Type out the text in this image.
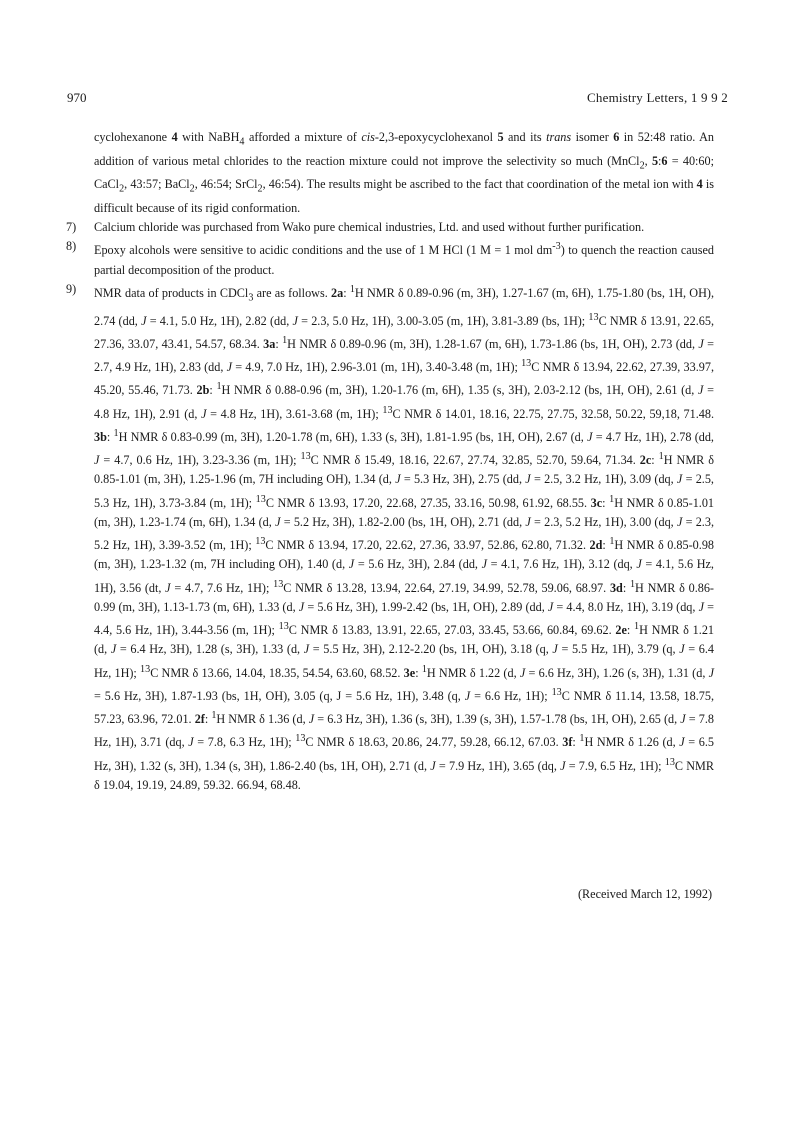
970	Chemistry Letters, 1 9 9 2

cyclohexanone 4 with NaBH$_4$ afforded a mixture of cis-2,3-epoxycyclohexanol 5 and its trans isomer 6 in 52:48 ratio. An addition of various metal chlorides to the reaction mixture could not improve the selectivity so much (MnCl$_2$, 5:6 = 40:60; CaCl$_2$, 43:57; BaCl$_2$, 46:54; SrCl$_2$, 46:54). The results might be ascribed to the fact that coordination of the metal ion with 4 is difficult because of its rigid conformation.

7) Calcium chloride was purchased from Wako pure chemical industries, Ltd. and used without further purification.
8) Epoxy alcohols were sensitive to acidic conditions and the use of 1 M HCl (1 M = 1 mol $dm^{-3}$) to quench the reaction caused partial decomposition of the product.
9) NMR data of products in CDCl$_3$ are as follows. 2a: $^1$H NMR δ 0.89-0.96 (m, 3H), 1.27-1.67 (m, 6H), 1.75-1.80 (bs, 1H, OH), 2.74 (dd, J = 4.1, 5.0 Hz, 1H), 2.82 (dd, J = 2.3, 5.0 Hz, 1H), 3.00-3.05 (m, 1H), 3.81-3.89 (bs, 1H); $^{13}$C NMR δ 13.91, 22.65, 27.36, 33.07, 43.41, 54.57, 68.34. 3a: $^1$H NMR δ 0.89-0.96 (m, 3H), 1.28-1.67 (m, 6H), 1.73-1.86 (bs, 1H, OH), 2.73 (dd, J = 2.7, 4.9 Hz, 1H), 2.83 (dd, J = 4.9, 7.0 Hz, 1H), 2.96-3.01 (m, 1H), 3.40-3.48 (m, 1H); $^{13}$C NMR δ 13.94, 22.62, 27.39, 33.97, 45.20, 55.46, 71.73. 2b: $^1$H NMR δ 0.88-0.96 (m, 3H), 1.20-1.76 (m, 6H), 1.35 (s, 3H), 2.03-2.12 (bs, 1H, OH), 2.61 (d, J = 4.8 Hz, 1H), 2.91 (d, J = 4.8 Hz, 1H), 3.61-3.68 (m, 1H); $^{13}$C NMR δ 14.01, 18.16, 22.75, 27.75, 32.58, 50.22, 59,18, 71.48. 3b: $^1$H NMR δ 0.83-0.99 (m, 3H), 1.20-1.78 (m, 6H), 1.33 (s, 3H), 1.81-1.95 (bs, 1H, OH), 2.67 (d, J = 4.7 Hz, 1H), 2.78 (dd, J = 4.7, 0.6 Hz, 1H), 3.23-3.36 (m, 1H); $^{13}$C NMR δ 15.49, 18.16, 22.67, 27.74, 32.85, 52.70, 59.64, 71.34. 2c: $^1$H NMR δ 0.85-1.01 (m, 3H), 1.25-1.96 (m, 7H including OH), 1.34 (d, J = 5.3 Hz, 3H), 2.75 (dd, J = 2.5, 3.2 Hz, 1H), 3.09 (dq, J = 2.5, 5.3 Hz, 1H), 3.73-3.84 (m, 1H); $^{13}$C NMR δ 13.93, 17.20, 22.68, 27.35, 33.16, 50.98, 61.92, 68.55. 3c: $^1$H NMR δ 0.85-1.01 (m, 3H), 1.23-1.74 (m, 6H), 1.34 (d, J = 5.2 Hz, 3H), 1.82-2.00 (bs, 1H, OH), 2.71 (dd, J = 2.3, 5.2 Hz, 1H), 3.00 (dq, J = 2.3, 5.2 Hz, 1H), 3.39-3.52 (m, 1H); $^{13}$C NMR δ 13.94, 17.20, 22.62, 27.36, 33.97, 52.86, 62.80, 71.32. 2d: $^1$H NMR δ 0.85-0.98 (m, 3H), 1.23-1.32 (m, 7H including OH), 1.40 (d, J = 5.6 Hz, 3H), 2.84 (dd, J = 4.1, 7.6 Hz, 1H), 3.12 (dq, J = 4.1, 5.6 Hz, 1H), 3.56 (dt, J = 4.7, 7.6 Hz, 1H); $^{13}$C NMR δ 13.28, 13.94, 22.64, 27.19, 34.99, 52.78, 59.06, 68.97. 3d: $^1$H NMR δ 0.86-0.99 (m, 3H), 1.13-1.73 (m, 6H), 1.33 (d, J = 5.6 Hz, 3H), 1.99-2.42 (bs, 1H, OH), 2.89 (dd, J = 4.4, 8.0 Hz, 1H), 3.19 (dq, J = 4.4, 5.6 Hz, 1H), 3.44-3.56 (m, 1H); $^{13}$C NMR δ 13.83, 13.91, 22.65, 27.03, 33.45, 53.66, 60.84, 69.62. 2e: $^1$H NMR δ 1.21 (d, J = 6.4 Hz, 3H), 1.28 (s, 3H), 1.33 (d, J = 5.5 Hz, 3H), 2.12-2.20 (bs, 1H, OH), 3.18 (q, J = 5.5 Hz, 1H), 3.79 (q, J = 6.4 Hz, 1H); $^{13}$C NMR δ 13.66, 14.04, 18.35, 54.54, 63.60, 68.52. 3e: $^1$H NMR δ 1.22 (d, J = 6.6 Hz, 3H), 1.26 (s, 3H), 1.31 (d, J = 5.6 Hz, 3H), 1.87-1.93 (bs, 1H, OH), 3.05 (q, J = 5.6 Hz, 1H), 3.48 (q, J = 6.6 Hz, 1H); $^{13}$C NMR δ 11.14, 13.58, 18.75, 57.23, 63.96, 72.01. 2f: $^1$H NMR δ 1.36 (d, J = 6.3 Hz, 3H), 1.36 (s, 3H), 1.39 (s, 3H), 1.57-1.78 (bs, 1H, OH), 2.65 (d, J = 7.8 Hz, 1H), 3.71 (dq, J = 7.8, 6.3 Hz, 1H); $^{13}$C NMR δ 18.63, 20.86, 24.77, 59.28, 66.12, 67.03. 3f: $^1$H NMR δ 1.26 (d, J = 6.5 Hz, 3H), 1.32 (s, 3H), 1.34 (s, 3H), 1.86-2.40 (bs, 1H, OH), 2.71 (d, J = 7.9 Hz, 1H), 3.65 (dq, J = 7.9, 6.5 Hz, 1H); $^{13}$C NMR δ 19.04, 19.19, 24.89, 59.32. 66.94, 68.48.
(Received March 12, 1992)
